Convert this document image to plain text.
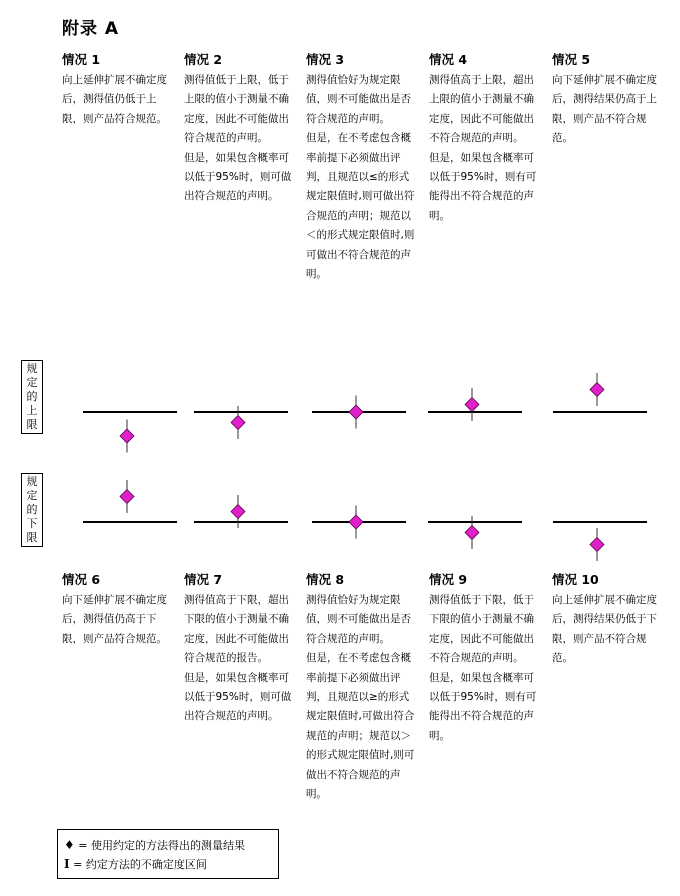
附录 A
情况 1

向上延伸扩展不确定度后，测得值仍低于上限，则产品符合规范。

情况 2

测得值低于上限，低于上限的值小于测量不确定度，因此不可能做出符合规范的声明。

但是，如果包含概率可以低于95%时，则可做出符合规范的声明。

情况 3

测得值恰好为规定限值，则不可能做出是否符合规范的声明。

但是，在不考虑包含概率前提下必须做出评判，且规范以≤的形式规定限值时,则可做出符合规范的声明；规范以＜的形式规定限值时,则可做出不符合规范的声明。

情况 4

测得值高于上限，超出上限的值小于测量不确定度，因此不可能做出不符合规范的声明。

但是，如果包含概率可以低于95%时，则有可能得出不符合规范的声明。

情况 5

向下延伸扩展不确定度后，测得结果仍高于上限，则产品不符合规范。

规
定
的
上
限
规
定
的
下
限
情况 6

向下延伸扩展不确定度后，测得值仍高于下限，则产品符合规范。

情况 7

测得值高于下限，超出下限的值小于测量不确定度，因此不可能做出符合规范的报告。

但是，如果包含概率可以低于95%时，则可做出符合规范的声明。

情况 8

测得值恰好为规定限值，则不可能做出是否符合规范的声明。

但是，在不考虑包含概率前提下必须做出评判，且规范以≥的形式规定限值时,可做出符合规范的声明；规范以＞的形式规定限值时,则可做出不符合规范的声明。

情况 9

测得值低于下限，低于下限的值小于测量不确定度，因此不可能做出不符合规范的声明。

但是，如果包含概率可以低于95%时，则有可能得出不符合规范的声明。

情况 10

向上延伸扩展不确定度后，测得结果仍低于下限，则产品不符合规范。

♦ = 使用约定的方法得出的测量结果
I = 约定方法的不确定度区间
